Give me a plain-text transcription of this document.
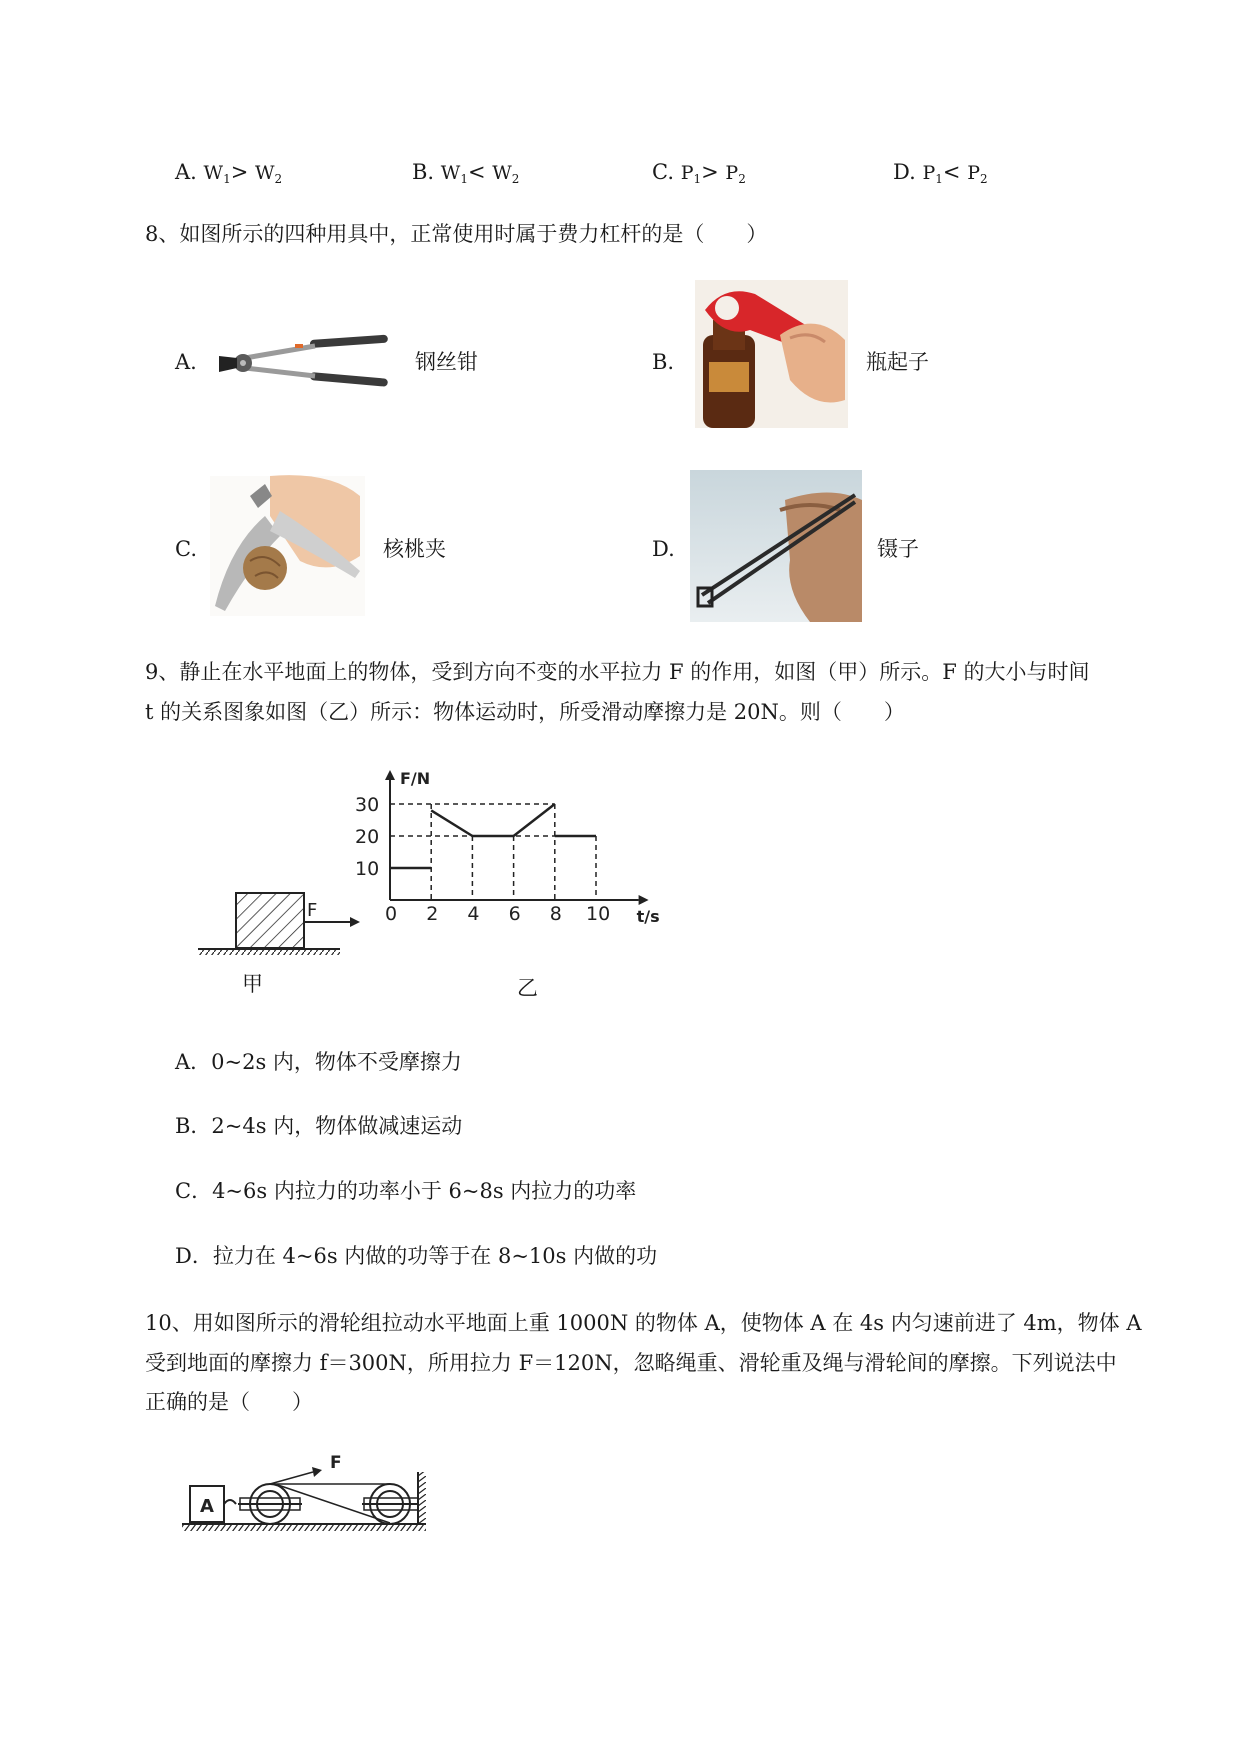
A. $W_1> W_2$	B. $W_1< W_2$	C. $P_1> P_2$	D. $P_1< P_2$
8、如图所示的四种用具中，正常使用时属于费力杠杆的是（　　）
A.	钢丝钳	B.	瓶起子
C.	核桃夹	D.	镊子
9、静止在水平地面上的物体，受到方向不变的水平拉力 F 的作用，如图（甲）所示。F 的大小与时间
t 的关系图象如图（乙）所示：物体运动时，所受滑动摩擦力是 20N。则（　　）
F
甲
F/N
t/s
0 2 4 6 8 10
10
20
30
乙
A．0~2s 内，物体不受摩擦力
B．2~4s 内，物体做减速运动
C．4~6s 内拉力的功率小于 6~8s 内拉力的功率
D．拉力在 4~6s 内做的功等于在 8~10s 内做的功
10、用如图所示的滑轮组拉动水平地面上重 1000N 的物体 A，使物体 A 在 4s 内匀速前进了 4m，物体 A
受到地面的摩擦力 f＝300N，所用拉力 F＝120N，忽略绳重、滑轮重及绳与滑轮间的摩擦。下列说法中
正确的是（　　）
A
F
